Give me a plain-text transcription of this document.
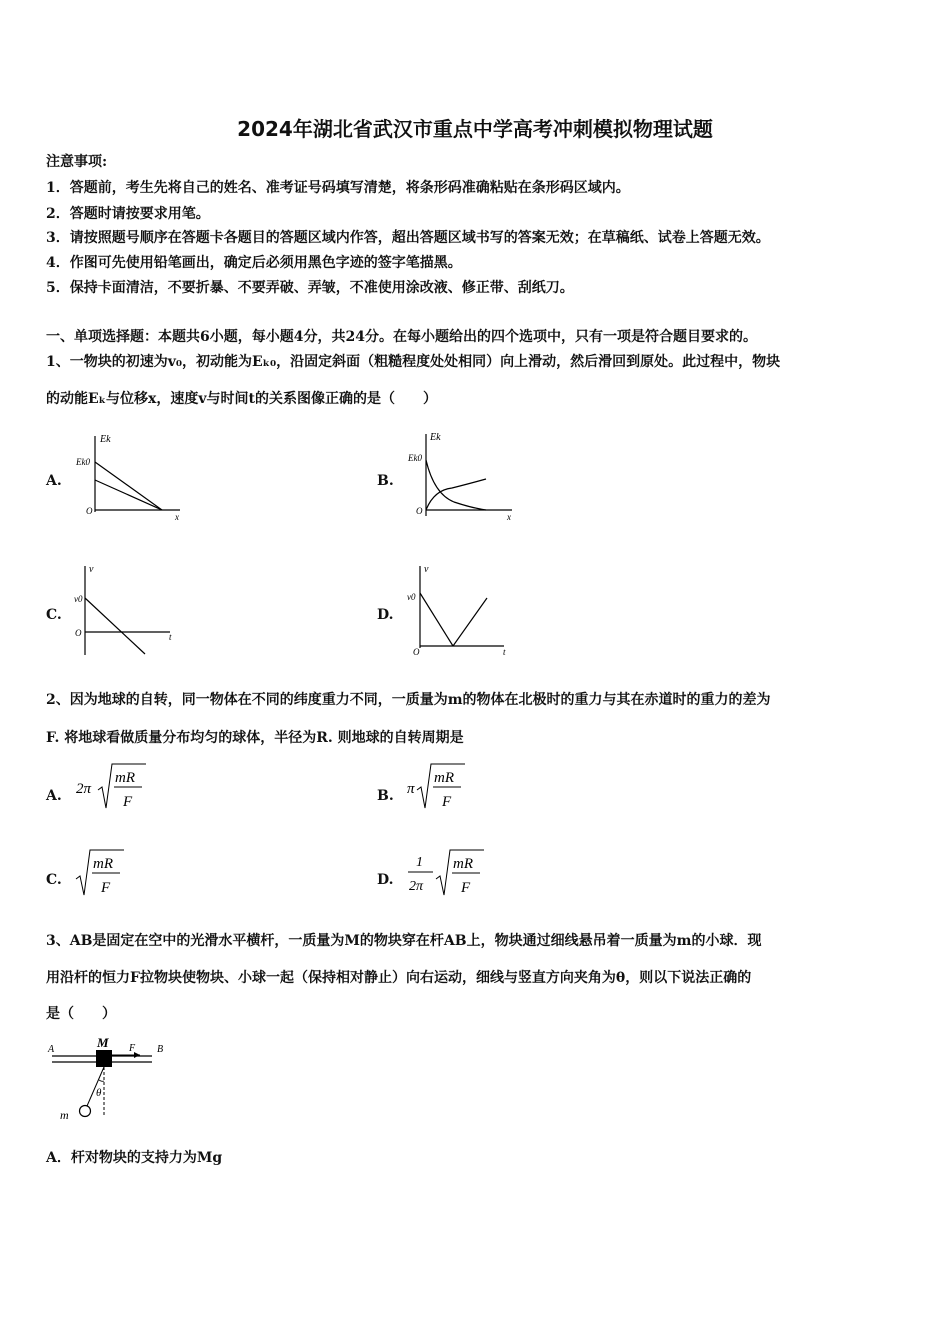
2024年湖北省武汉市重点中学高考冲刺模拟物理试题
注意事项:
1．答题前，考生先将自己的姓名、准考证号码填写清楚，将条形码准确粘贴在条形码区域内。
2．答题时请按要求用笔。
3．请按照题号顺序在答题卡各题目的答题区域内作答，超出答题区域书写的答案无效；在草稿纸、试卷上答题无效。
4．作图可先使用铅笔画出，确定后必须用黑色字迹的签字笔描黑。
5．保持卡面清洁，不要折暴、不要弄破、弄皱，不准使用涂改液、修正带、刮纸刀。
一、单项选择题：本题共6小题，每小题4分，共24分。在每小题给出的四个选项中，只有一项是符合题目要求的。
1、一物块的初速为v₀，初动能为Eₖ₀，沿固定斜面（粗糙程度处处相同）向上滑动，然后滑回到原处。此过程中，物块
的动能Eₖ与位移x，速度v与时间t的关系图像正确的是（　　）
A.	B.
C.	D.
Ek
Ek0
O
x
Ek
Ek0
O
x
v
v0
O	t
v
v0
O	t
2、因为地球的自转，同一物体在不同的纬度重力不同，一质量为m的物体在北极时的重力与其在赤道时的重力的差为
F. 将地球看做质量分布均匀的球体，半径为R. 则地球的自转周期是
A. 2π
mR
F	B. π
mR
F
C.
mR
F	D.
1
2π
mR
F
3、AB是固定在空中的光滑水平横杆，一质量为M的物块穿在杆AB上，物块通过细线悬吊着一质量为m的小球．现
用沿杆的恒力F拉物块使物块、小球一起（保持相对静止）向右运动，细线与竖直方向夹角为θ，则以下说法正确的
是（　　）
A	B
M F
m
θ
A．杆对物块的支持力为Mg
